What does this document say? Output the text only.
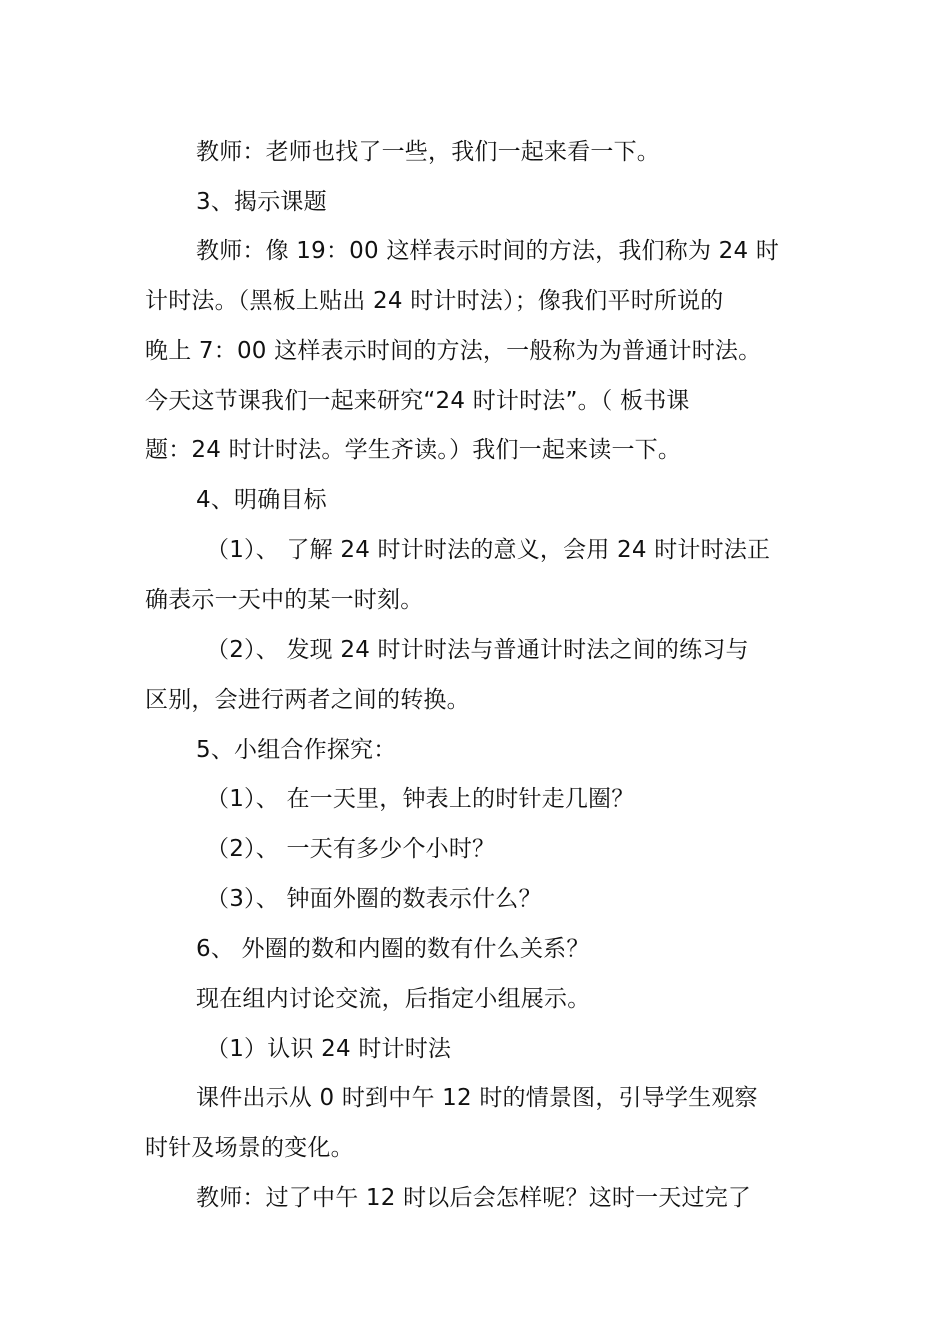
教师：老师也找了一些，我们一起来看一下。
3、揭示课题
教师：像 19：00 这样表示时间的方法，我们称为 24 时
计时法。（黑板上贴出 24 时计时法）；像我们平时所说的
晚上 7：00 这样表示时间的方法，一般称为为普通计时法。
今天这节课我们一起来研究“24 时计时法”。（ 板书课
题：24 时计时法。学生齐读。）我们一起来读一下。
4、明确目标
（1）、 了解 24 时计时法的意义，会用 24 时计时法正
确表示一天中的某一时刻。
（2）、 发现 24 时计时法与普通计时法之间的练习与
区别，会进行两者之间的转换。
5、小组合作探究：
（1）、 在一天里，钟表上的时针走几圈？
（2）、 一天有多少个小时？
（3）、 钟面外圈的数表示什么？
6、 外圈的数和内圈的数有什么关系？
现在组内讨论交流，后指定小组展示。
（1）认识 24 时计时法
课件出示从 0 时到中午 12 时的情景图，引导学生观察
时针及场景的变化。
教师：过了中午 12 时以后会怎样呢？这时一天过完了
